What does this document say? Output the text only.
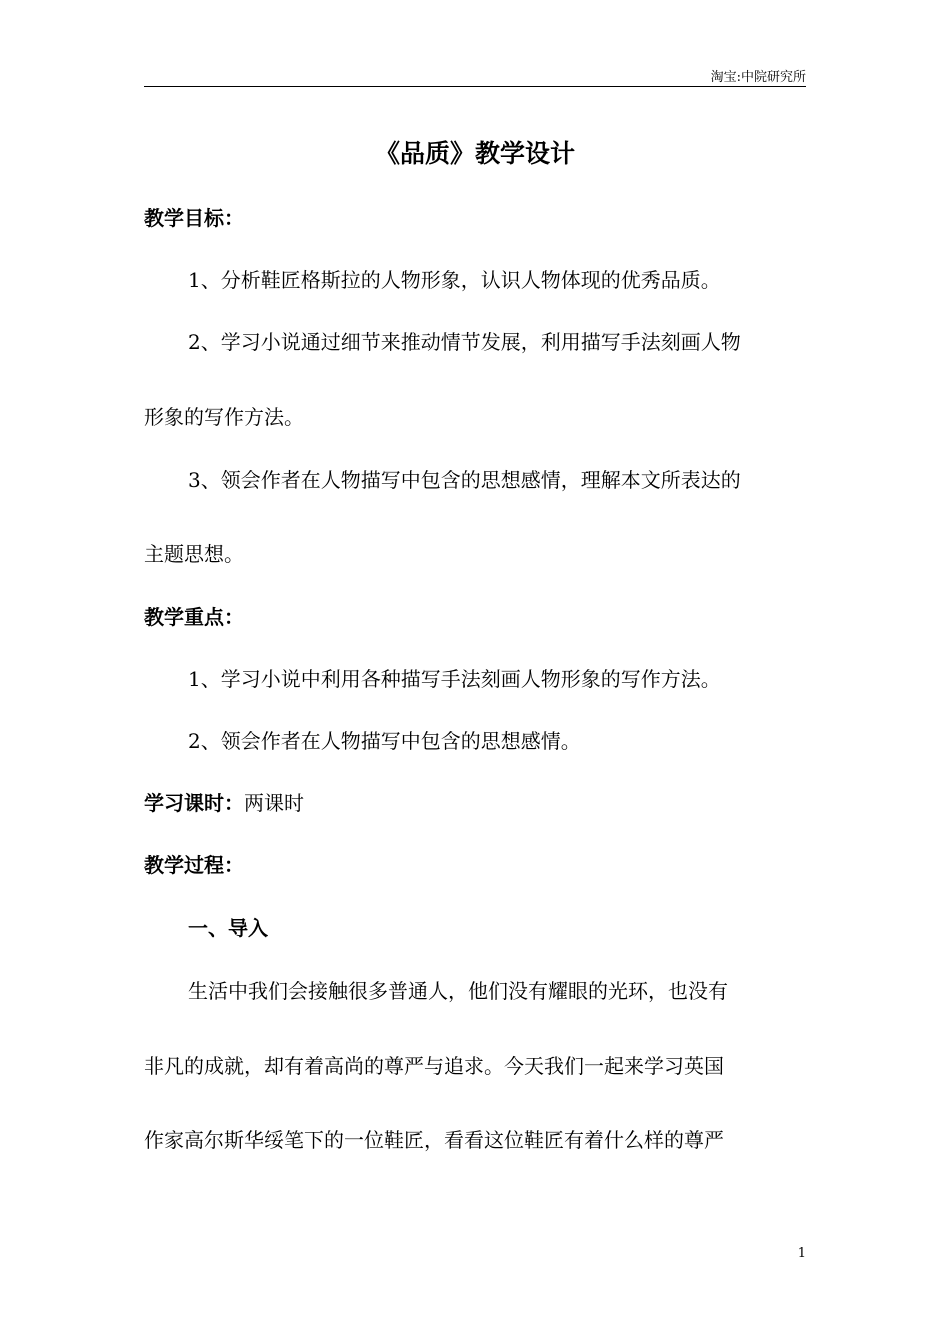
淘宝:中院研究所
《品质》教学设计
教学目标：
1、分析鞋匠格斯拉的人物形象，认识人物体现的优秀品质。
2、学习小说通过细节来推动情节发展，利用描写手法刻画人物
形象的写作方法。
3、领会作者在人物描写中包含的思想感情，理解本文所表达的
主题思想。
教学重点：
1、学习小说中利用各种描写手法刻画人物形象的写作方法。
2、领会作者在人物描写中包含的思想感情。
学习课时：两课时
教学过程：
一、导入
生活中我们会接触很多普通人，他们没有耀眼的光环，也没有
非凡的成就，却有着高尚的尊严与追求。今天我们一起来学习英国
作家高尔斯华绥笔下的一位鞋匠，看看这位鞋匠有着什么样的尊严
1
